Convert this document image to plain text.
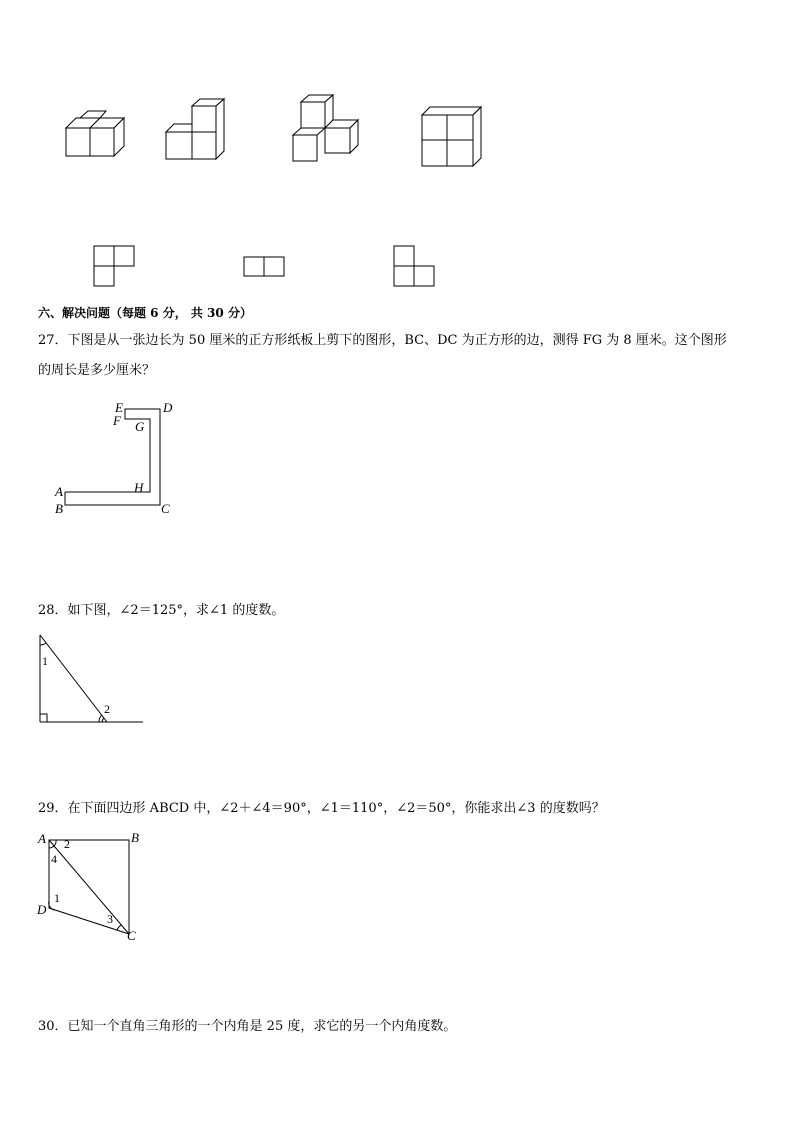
六、解决问题（每题 6 分， 共 30 分）
27．下图是从一张边长为 50 厘米的正方形纸板上剪下的图形，BC、DC 为正方形的边，测得 FG 为 8 厘米。这个图形
的周长是多少厘米？
E	D
F G
A	H
B	C
28．如下图，∠2＝125°，求∠1 的度数。
1
2
29．在下面四边形 ABCD 中，∠2＋∠4＝90°，∠1＝110°，∠2＝50°，你能求出∠3 的度数吗？
A	B
D
C
2
4
1
3
30．已知一个直角三角形的一个内角是 25 度，求它的另一个内角度数。
